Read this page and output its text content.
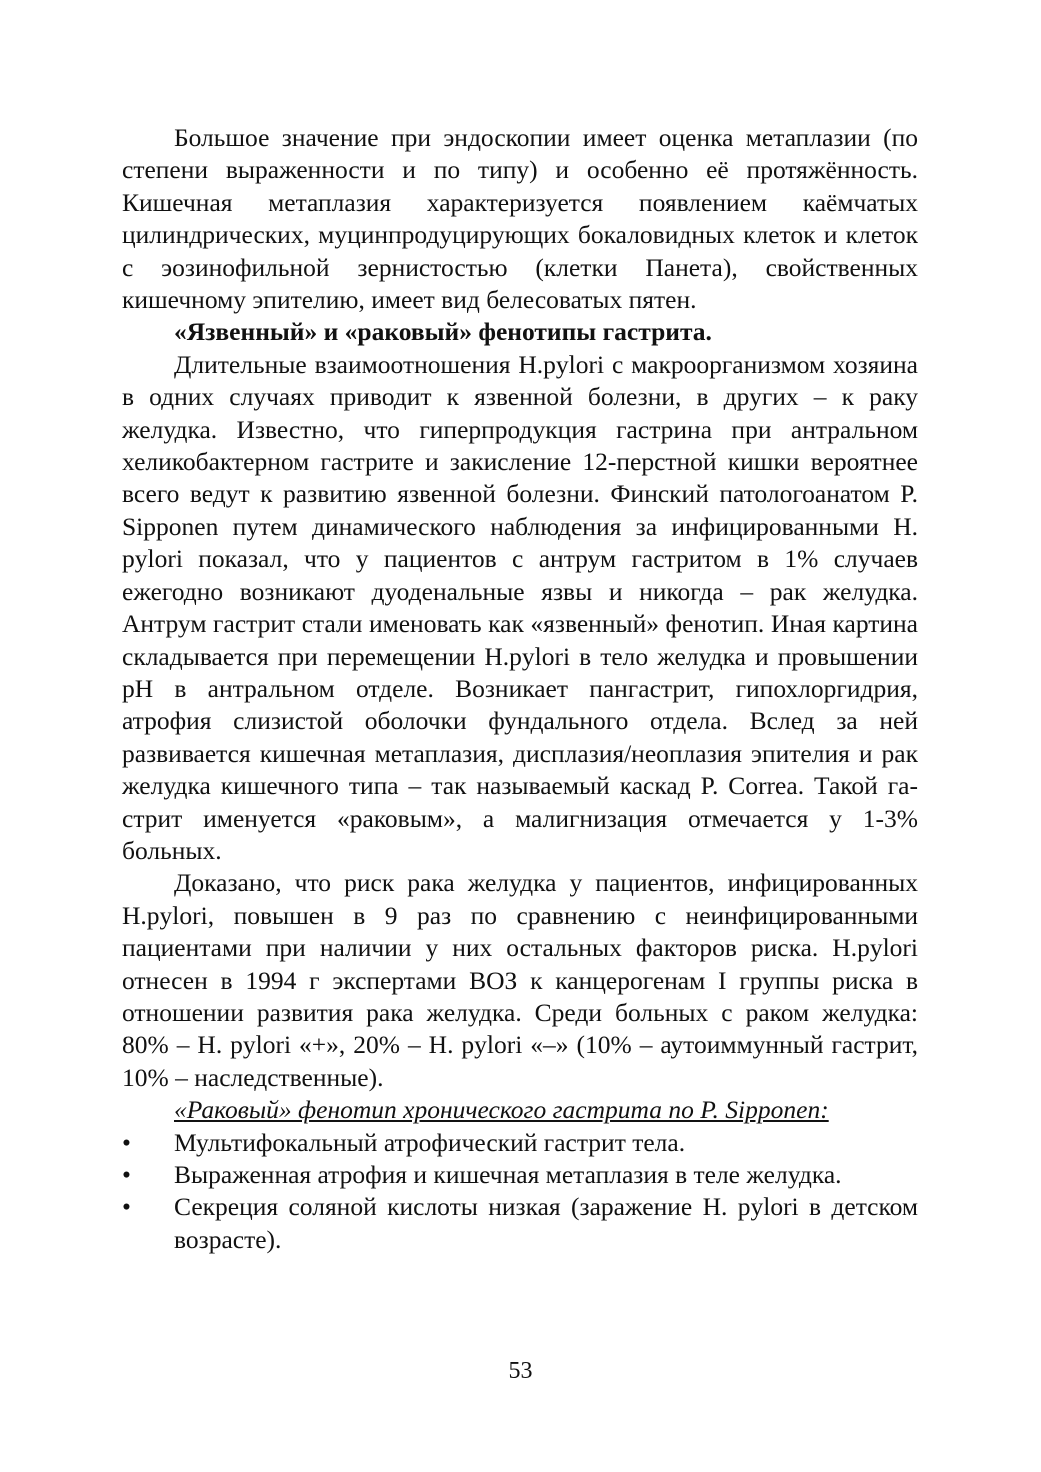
Большое значение при эндоскопии имеет оценка метаплазии (по степени выраженности и по типу) и особенно её протяжённость. Кишечная метаплазия характеризуется появлением каёмчатых цилиндрических, муцинпродуцирующих бокаловидных клеток и клеток с эозинофильной зернистостью (клетки Панета), свойственных кишечному эпителию, имеет вид белесоватых пятен.

«Язвенный» и «раковый» фенотипы гастрита.

Длительные взаимоотношения H.pylori с макроорганизмом хозяина в одних случаях приводит к язвенной болезни, в других – к раку желудка. Известно, что гиперпродукция гастрина при антральном хеликобактерном гастрите и закисление 12-перстной кишки вероятнее всего ведут к развитию язвенной болезни. Финский патологоанатом P. Sipponen путем динамического наблюдения за инфицированными H. pylori показал, что у пациентов с антрум гастритом в 1% случаев ежегодно возникают дуоденальные язвы и никогда – рак желудка. Антрум гастрит стали именовать как «язвенный» фенотип. Иная картина складывается при перемещении H.pylori в тело желудка и провышении pH в антральном отделе. Возникает пангастрит, гипохлоргидрия, атрофия слизистой оболочки фундального отдела. Вслед за ней развивается кишечная метаплазия, дисплазия/неоплазия эпителия и рак желудка кишечного типа – так называемый каскад P. Correa. Такой гастрит именуется «раковым», а малигнизация отмечается у 1-3% больных.

Доказано, что риск рака желудка у пациентов, инфицированных H.pylori, повышен в 9 раз по сравнению с неинфицированными пациентами при наличии у них остальных факторов риска. H.pylori отнесен в 1994 г экспертами ВОЗ к канцерогенам I группы риска в отношении развития рака желудка. Среди больных с раком желудка: 80% – H. pylori «+», 20% – H. pylori «–» (10% – аутоиммунный гастрит, 10% – наследственные).

«Раковый» фенотип хронического гастрита по P. Sipponen:

• Мультифокальный атрофический гастрит тела.
• Выраженная атрофия и кишечная метаплазия в теле желудка.
• Секреция соляной кислоты низкая (заражение H. pylori в детском возрасте).
53
